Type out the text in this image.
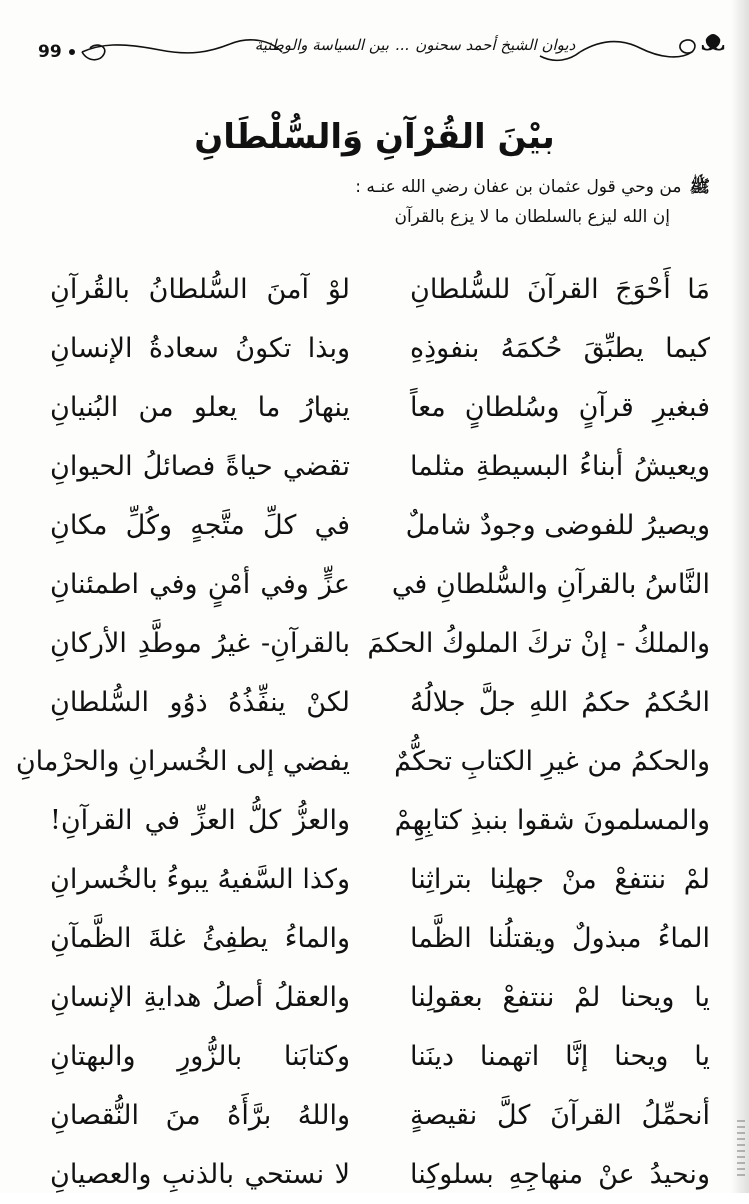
99	ديوان الشيخ أحمد سحنون...بين السياسة والوطنية	ᴥ
بيْنَ القُرْآنِ وَالسُّلْطَانِ
ﷺمن وحي قول عثمان بن عفان رضي الله عنـه :
إن الله ليزع بالسلطان ما لا يزع بالقرآن
مَا أَحْوَجَ القرآنَ للسُّلطانِ
لوْ آمنَ السُّلطانُ بالقُرآنِ
كيما يطبِّقَ حُكمَهُ بنفوذِهِ
وبذا تكونُ سعادةُ الإنسانِ
فبغيرِ قرآنٍ وسُلطانٍ معاً
ينهارُ ما يعلو من البُنيانِ
ويعيشُ أبناءُ البسيطةِ مثلما
تقضي حياةً فصائلُ الحيوانِ
ويصيرُ للفوضى وجودٌ شاملٌ
في كلِّ متَّجهٍ وكُلِّ مكانِ
النَّاسُ بالقرآنِ والسُّلطانِ في
عزٍّ وفي أمْنٍ وفي اطمئنانِ
والملكُ - إنْ تركَ الملوكُ الحكمَ
بالقرآنِ- غيرُ موطَّدِ الأركانِ
الحُكمُ حكمُ اللهِ جلَّ جلالُهُ
لكنْ ينفِّذُهُ ذوُو السُّلطانِ
والحكمُ من غيرِ الكتابِ تحكُّمٌ
يفضي إلى الخُسرانِ والحرْمانِ
والمسلمونَ شقوا بنبذِ كتابِهِمْ
والعزُّ كلُّ العزِّ في القرآنِ!
لمْ ننتفعْ منْ جهلِنا بتراثِنا
وكذا السَّفيهُ يبوءُ بالخُسرانِ
الماءُ مبذولٌ ويقتلُنا الظَّما
والماءُ يطفِئُ غلةَ الظَّمآنِ
يا ويحنا لمْ ننتفعْ بعقولِنا
والعقلُ أصلُ هدايةِ الإنسانِ
يا ويحنا إنَّا اتهمنا دينَنا
وكتابَنا بالزُّورِ والبهتانِ
أنحمِّلُ القرآنَ كلَّ نقيصةٍ
واللهُ برَّأَهُ منَ النُّقصانِ
ونحيدُ عنْ منهاجِهِ بسلوكِنا
لا نستحي بالذنبِ والعصيانِ
